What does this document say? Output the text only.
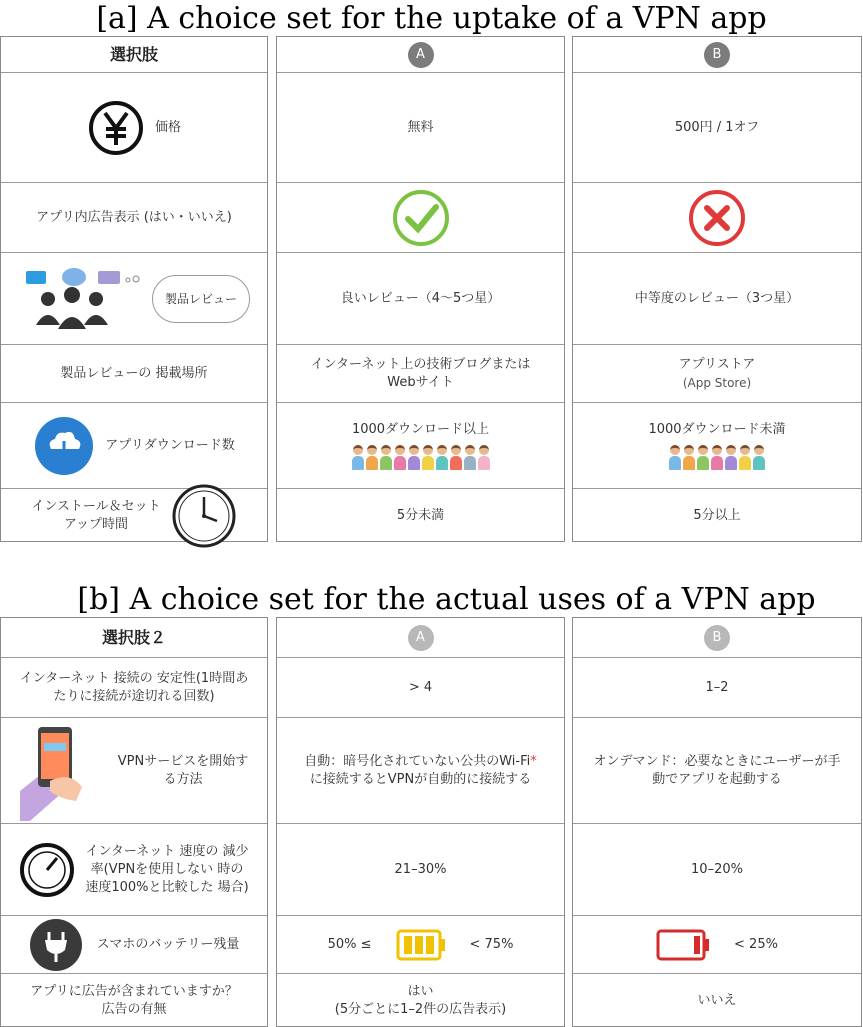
[a] A choice set for the uptake of a VPN app
選択肢
価格
アプリ内広告表示 (はい・いいえ)
製品レビュー
製品レビューの 掲載場所
アプリダウンロード数
インストール＆セット
アップ時間
A
無料
良いレビュー（4〜5つ星）
インターネット上の技術ブログまたは
Webサイト
1000ダウンロード以上
5分未満
B
500円 / 1オフ
中等度のレビュー（3つ星）
アプリストア
(App Store)
1000ダウンロード未満
5分以上
[b] A choice set for the actual uses of a VPN app
選択肢２
インターネット 接続の 安定性(1時間あ
たりに接続が途切れる回数)
VPNサービスを開始す
る方法
インターネット 速度の 減少
率(VPNを使用しない 時の
速度100%と比較した 場合)
スマホのバッテリー残量
アプリに広告が含まれていますか？
広告の有無
A
> 4
自動：暗号化されていない公共のWi-Fi*
に接続するとVPNが自動的に接続する
21–30%
50% ≤	< 75%
はい
(5分ごとに1–2件の広告表示)
B
1–2
オンデマンド：必要なときにユーザーが手
動でアプリを起動する
10–20%
< 25%
いいえ
